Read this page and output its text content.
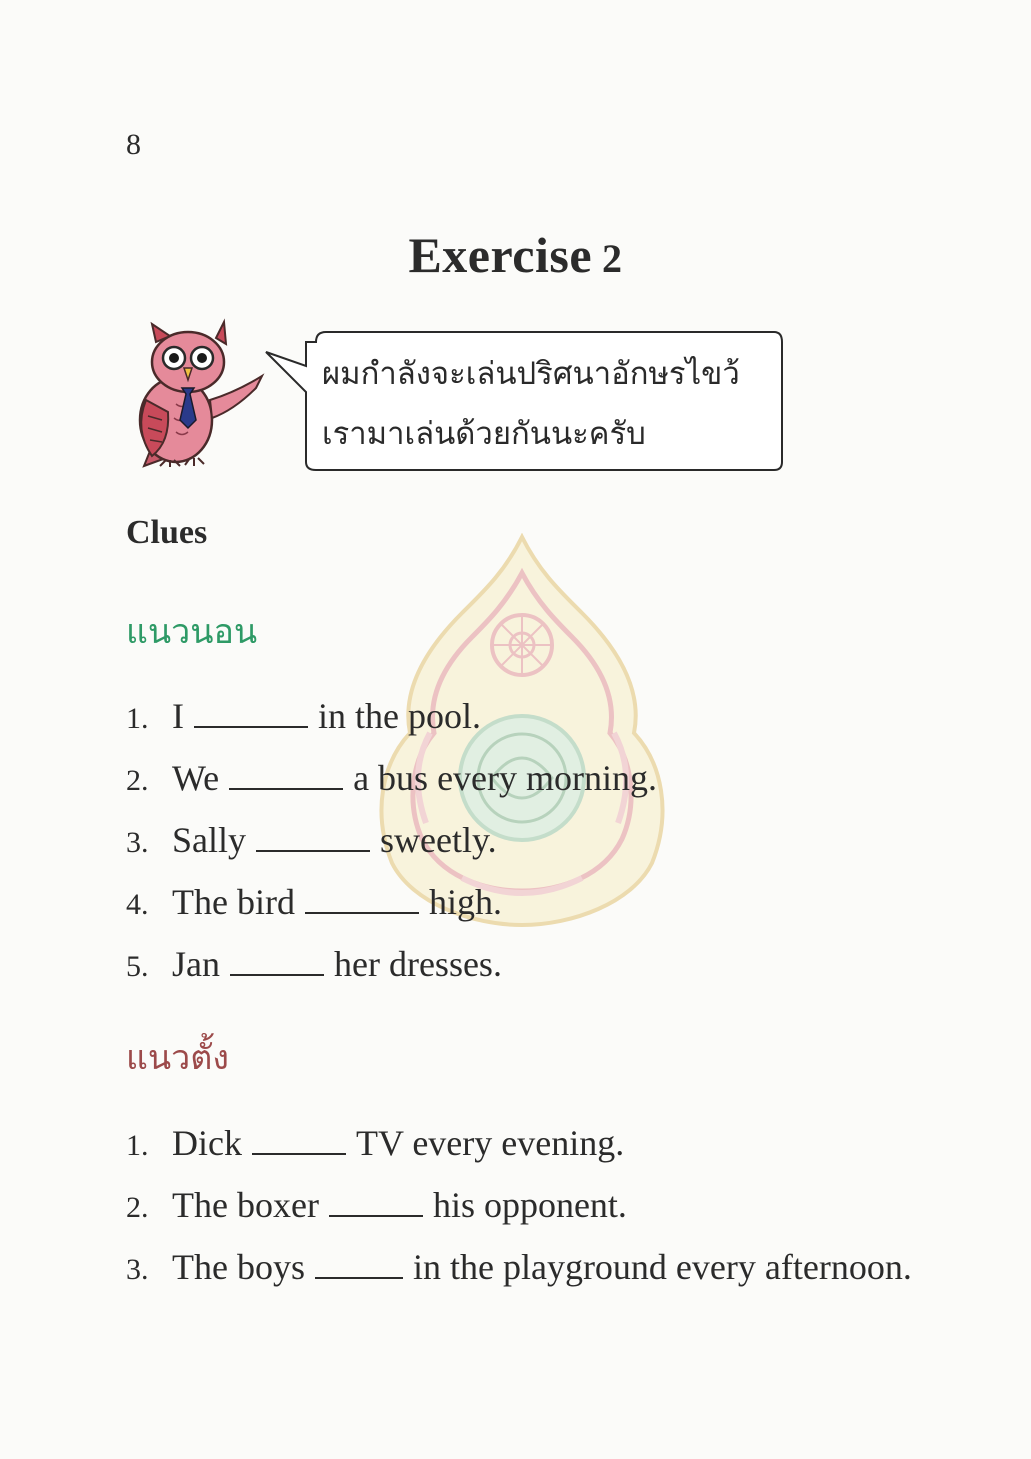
8
Exercise 2
ผมกำลังจะเล่นปริศนาอักษรไขว้
เรามาเล่นด้วยกันนะครับ
Clues
แนวนอน
1. I	in the pool.
2. We	a bus every morning.
3. Sally	sweetly.
4. The bird	high.
5. Jan	her dresses.
แนวตั้ง
1. Dick	TV every evening.
2. The boxer	his opponent.
3. The boys	in the playground every afternoon.
